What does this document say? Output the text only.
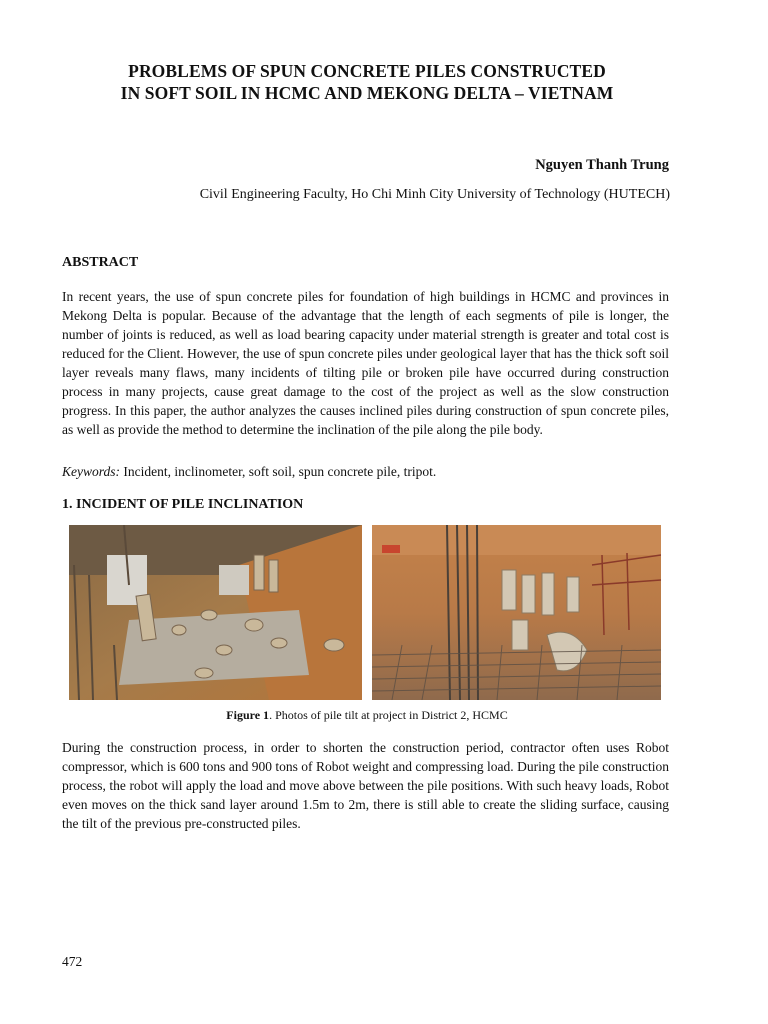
PROBLEMS OF SPUN CONCRETE PILES CONSTRUCTED
IN SOFT SOIL IN HCMC AND MEKONG DELTA – VIETNAM
Nguyen Thanh Trung
Civil Engineering Faculty, Ho Chi Minh City University of Technology (HUTECH)
ABSTRACT
In recent years, the use of spun concrete piles for foundation of high buildings in HCMC and provinces in Mekong Delta is popular. Because of the advantage that the length of each segments of pile is longer, the number of joints is reduced, as well as load bearing capacity under material strength is greater and total cost is reduced for the Client. However, the use of spun concrete piles under geological layer that has the thick soft soil layer reveals many flaws, many incidents of tilting pile or broken pile have occurred during construction process in many projects, cause great damage to the cost of the project as well as the slow construction progress. In this paper, the author analyzes the causes inclined piles during construction of spun concrete piles, as well as provide the method to determine the inclination of the pile along the pile body.
Keywords: Incident, inclinometer, soft soil, spun concrete pile, tripot.
1. INCIDENT OF PILE INCLINATION
Figure 1. Photos of pile tilt at project in District 2, HCMC
During the construction process, in order to shorten the construction period, contractor often uses Robot compressor, which is 600 tons and 900 tons of Robot weight and compressing load. During the pile construction process, the robot will apply the load and move above between the pile positions. With such heavy loads, Robot even moves on the thick sand layer around 1.5m to 2m, there is still able to create the sliding surface, causing the tilt of the previous pre-constructed piles.
472
